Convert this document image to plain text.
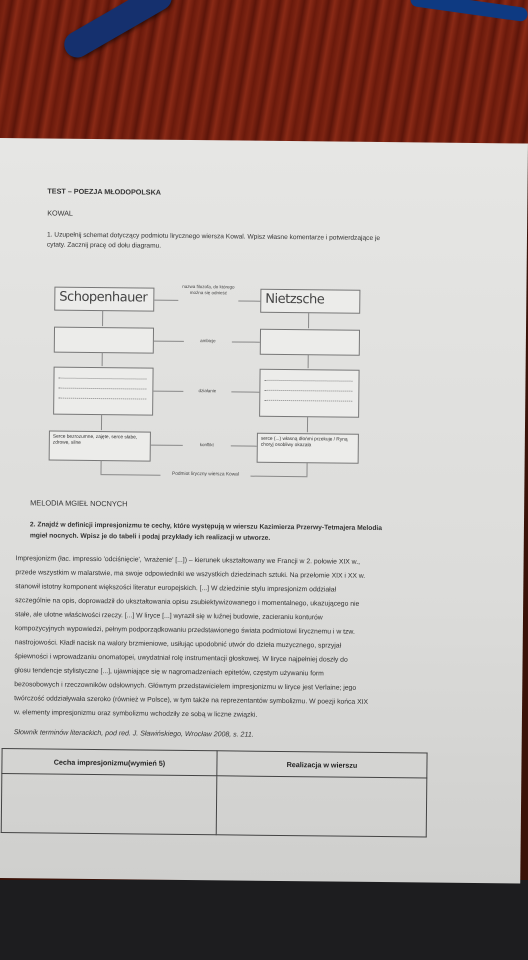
TEST – POEZJA MŁODOPOLSKA
KOWAL
1. Uzupełnij schemat dotyczący podmiotu lirycznego wiersza Kowal. Wpisz własne komentarze i potwierdzające je
cytaty. Zacznij pracę od dołu diagramu.
Schopenhauer
Serce bezrozumne, zajęte, serce słabe, zdrowe, silne
Nietzsche
serce (...) własną dłońmi przekuje / Ryną choryj osobliwy okazała
nazwa filozofa, do którego można się odnieść
ambicje
działanie
konflikt
Podmiot liryczny wiersza Kowal
MELODIA MGIEŁ NOCNYCH
2. Znajdź w definicji impresjonizmu te cechy, które występują w wierszu Kazimierza Przerwy-Tetmajera Melodia
mgieł nocnych. Wpisz je do tabeli i podaj przykłady ich realizacji w utworze.
Impresjonizm (łac. impressio 'odciśnięcie', 'wrażenie' [...]) – kierunek ukształtowany we Francji w 2. połowie XIX w.,
przede wszystkim w malarstwie, ma swoje odpowiedniki we wszystkich dziedzinach sztuki. Na przełomie XIX i XX w.
stanowił istotny komponent większości literatur europejskich. [...] W dziedzinie stylu impresjonizm oddziałał
szczególnie na opis, doprowadził do ukształtowania opisu zsubiektywizowanego i momentalnego, ukazującego nie
stałe, ale ulotne właściwości rzeczy. [...] W liryce [...] wyraził się w luźnej budowie, zacieraniu konturów
kompozycyjnych wypowiedzi, pełnym podporządkowaniu przedstawionego świata podmiotowi lirycznemu i w tzw.
nastrojowości. Kładł nacisk na walory brzmieniowe, usiłując upodobnić utwór do dzieła muzycznego, sprzyjał
śpiewności i wprowadzaniu onomatopei, uwydatniał rolę instrumentacji głoskowej. W liryce najpełniej doszły do
głosu tendencje stylistyczne [...], ujawniające się w nagromadzeniach epitetów, częstym używaniu form
bezosobowych i rzeczowników odsłownych. Głównym przedstawicielem impresjonizmu w liryce jest Verlaine; jego
twórczość oddziaływała szeroko (również w Polsce), w tym także na reprezentantów symbolizmu. W poezji końca XIX
w. elementy impresjonizmu oraz symbolizmu wchodziły ze sobą w liczne związki.
Słownik terminów literackich, pod red. J. Sławińskiego, Wrocław 2008, s. 211.
Cecha impresjonizmu(wymień 5)	Realizacja w wierszu
